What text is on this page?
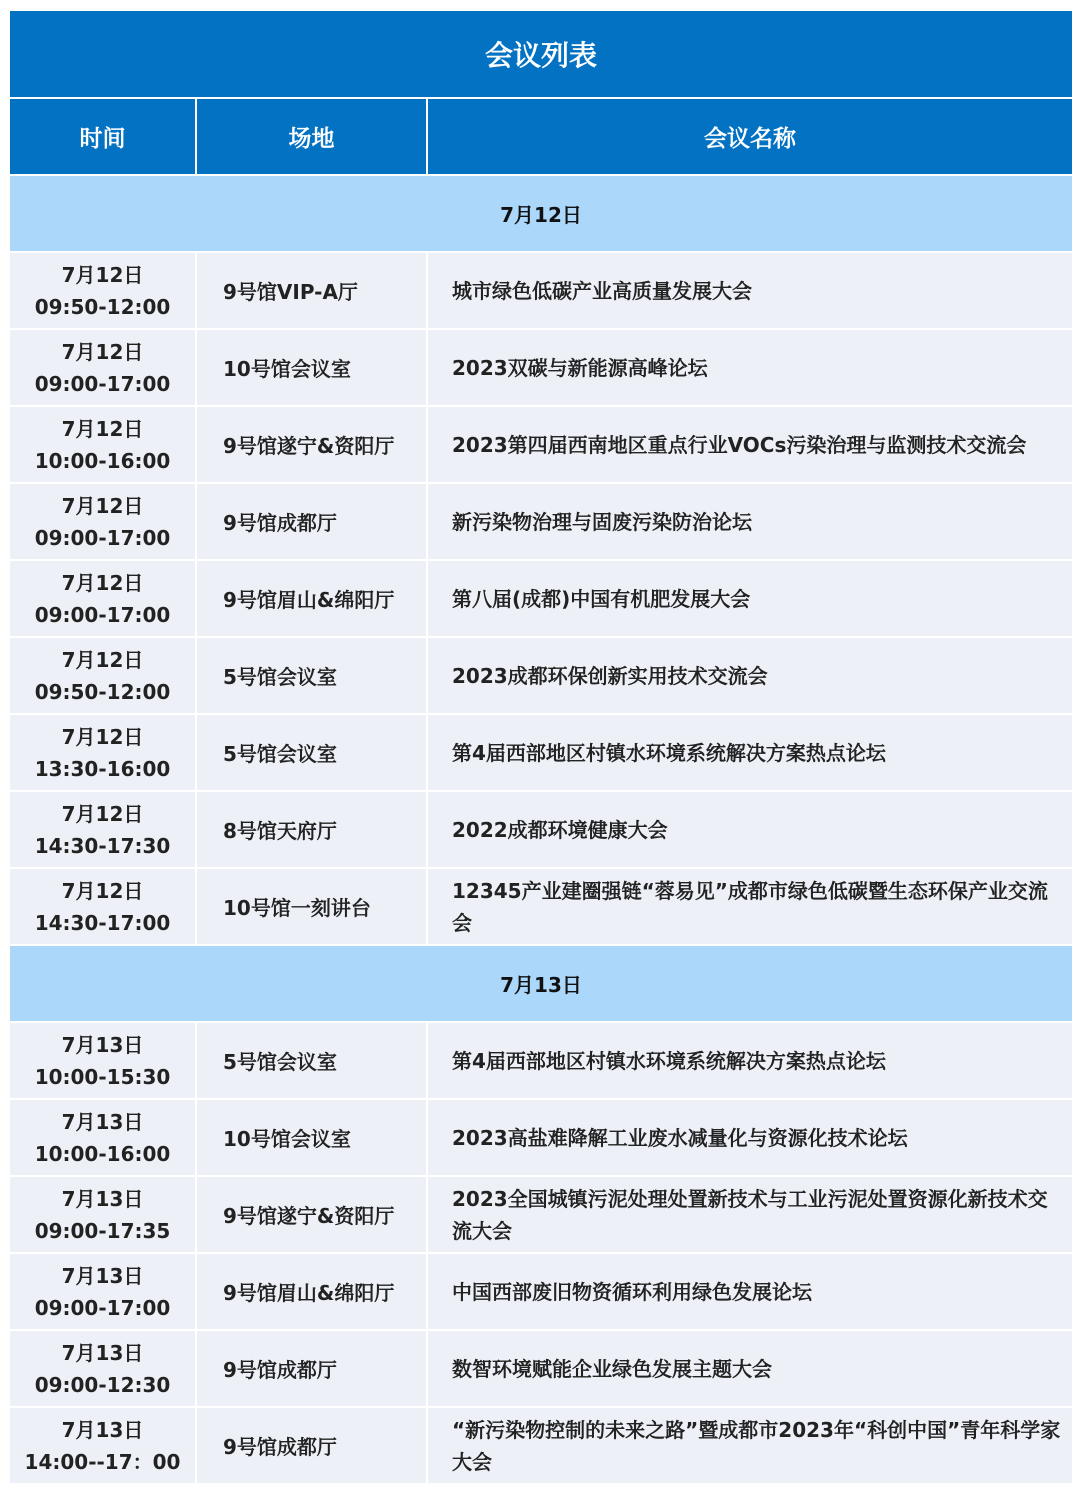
会议列表		
时间	场地	会议名称
7月12日		

7月12日
09:50-12:00	9号馆VIP-A厅	城市绿色低碳产业高质量发展大会

7月12日
09:00-17:00	10号馆会议室	2023双碳与新能源高峰论坛

7月12日
10:00-16:00	9号馆遂宁&资阳厅	2023第四届西南地区重点行业VOCs污染治理与监测技术交流会

7月12日
09:00-17:00	9号馆成都厅	新污染物治理与固废污染防治论坛

7月12日
09:00-17:00	9号馆眉山&绵阳厅	第八届(成都)中国有机肥发展大会

7月12日
09:50-12:00	5号馆会议室	2023成都环保创新实用技术交流会

7月12日
13:30-16:00	5号馆会议室	第4届西部地区村镇水环境系统解决方案热点论坛

7月12日
14:30-17:30	8号馆天府厅	2022成都环境健康大会

7月12日
14:30-17:00	10号馆一刻讲台	12345产业建圈强链“蓉易见”成都市绿色低碳暨生态环保产业交流会
7月13日		

7月13日
10:00-15:30	5号馆会议室	第4届西部地区村镇水环境系统解决方案热点论坛

7月13日
10:00-16:00	10号馆会议室	2023高盐难降解工业废水减量化与资源化技术论坛

7月13日
09:00-17:35	9号馆遂宁&资阳厅	2023全国城镇污泥处理处置新技术与工业污泥处置资源化新技术交流大会

7月13日
09:00-17:00	9号馆眉山&绵阳厅	中国西部废旧物资循环利用绿色发展论坛

7月13日
09:00-12:30	9号馆成都厅	数智环境赋能企业绿色发展主题大会

7月13日
14:00--17：00	9号馆成都厅	“新污染物控制的未来之路”暨成都市2023年“科创中国”青年科学家大会
